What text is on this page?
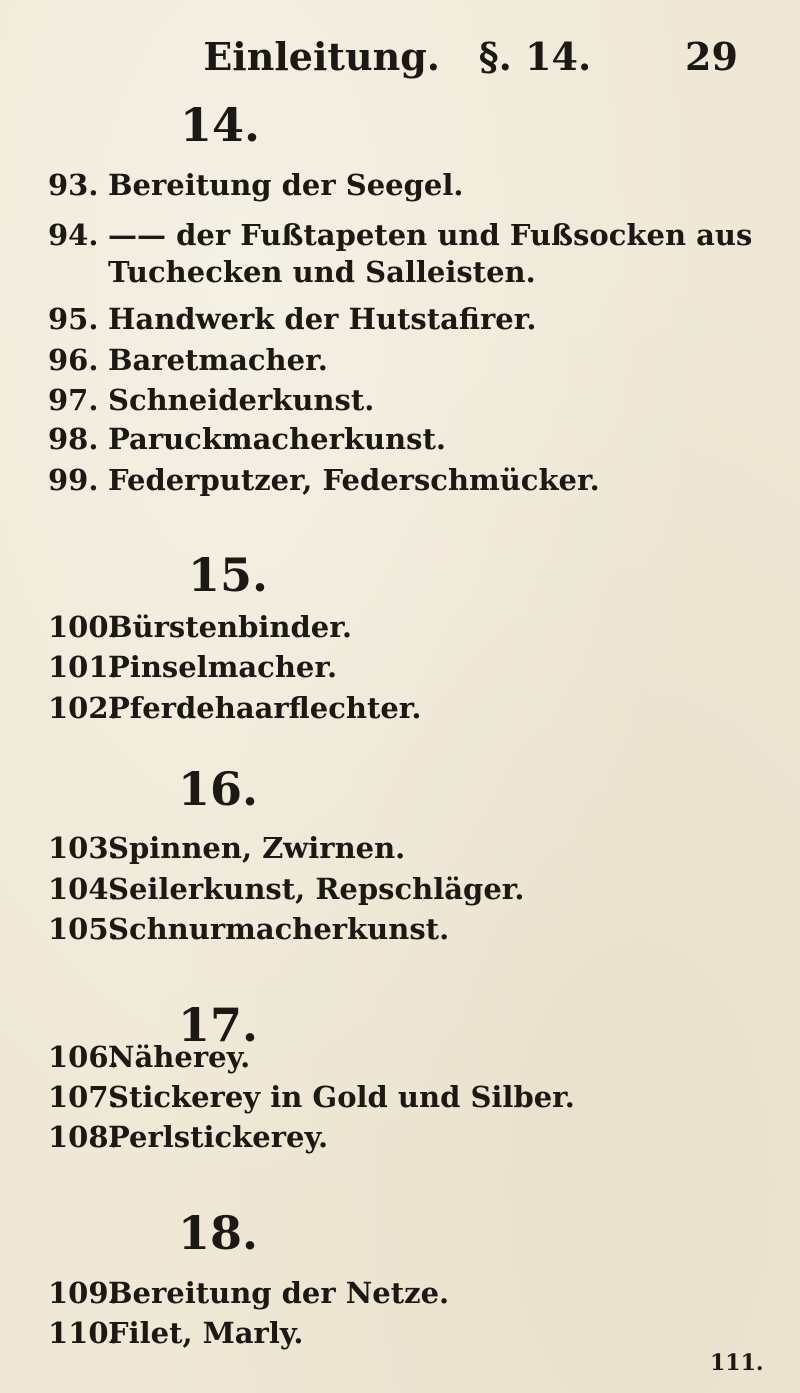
Einleitung. §. 14. 29
14.
93. Bereitung der Seegel.
94. —— der Fußtapeten und Fußsocken aus
Tuchecken und Salleisten.
95. Handwerk der Hutstafirer.
96. Baretmacher.
97. Schneiderkunst.
98. Paruckmacherkunst.
99. Federputzer, Federschmücker.
15.
100.Bürstenbinder.
101.Pinselmacher.
102.Pferdehaarflechter.
16.
103.Spinnen, Zwirnen.
104.Seilerkunst, Repschläger.
105.Schnurmacherkunst.
17.
106.Näherey.
107.Stickerey in Gold und Silber.
108.Perlstickerey.
18.
109.Bereitung der Netze.
110.Filet, Marly.
111.
